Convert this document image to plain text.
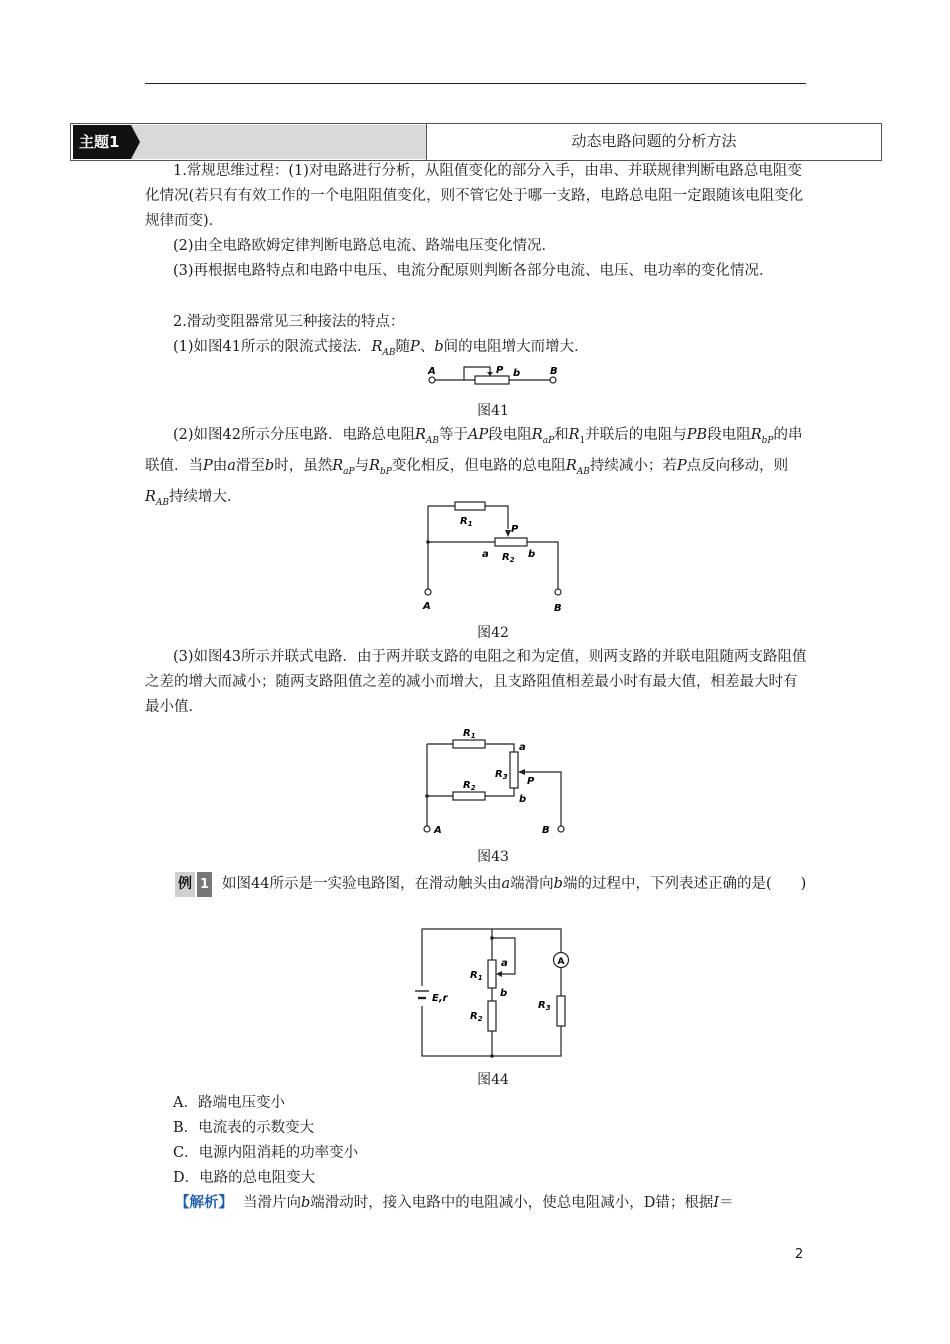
主题1	动态电路问题的分析方法
1.常规思维过程：(1)对电路进行分析，从阻值变化的部分入手，由串、并联规律判断电路总电阻变化情况(若只有有效工作的一个电阻阻值变化，则不管它处于哪一支路，电路总电阻一定跟随该电阻变化规律而变)．
(2)由全电路欧姆定律判断电路总电流、路端电压变化情况．
(3)再根据电路特点和电路中电压、电流分配原则判断各部分电流、电压、电功率的变化情况．
2.滑动变阻器常见三种接法的特点：
(1)如图41所示的限流式接法．$R_{AB}$随P、b间的电阻增大而增大．
A	P b	B
图41
(2)如图42所示分压电路．电路总电阻$R_{AB}$等于AP段电阻$R_{aP}$和$R_1$并联后的电阻与PB段电阻$R_{bP}$的串联值．当P由a滑至b时，虽然$R_{aP}$与$R_{bP}$变化相反，但电路的总电阻$R_{AB}$持续减小；若P点反向移动，则$R_{AB}$持续增大．
$R_1$	P
a $R_2$ b
A	B
图42
(3)如图43所示并联式电路．由于两并联支路的电阻之和为定值，则两支路的并联电阻随两支路阻值之差的增大而减小；随两支路阻值之差的减小而增大，且支路阻值相差最小时有最大值，相差最大时有最小值．
$R_1$
a
$R_3$ P
$R_2$
b
A	B
图43
例 1 如图44所示是一实验电路图，在滑动触头由a端滑向b端的过程中，下列表述正确的是(　　)
A
a
$R_1$
b
$R_3$
E,r
$R_2$
图44
A．路端电压变小
B．电流表的示数变大
C．电源内阻消耗的功率变小
D．电路的总电阻变大
【解析】 当滑片向b端滑动时，接入电路中的电阻减小，使总电阻减小，D错；根据I＝
2
